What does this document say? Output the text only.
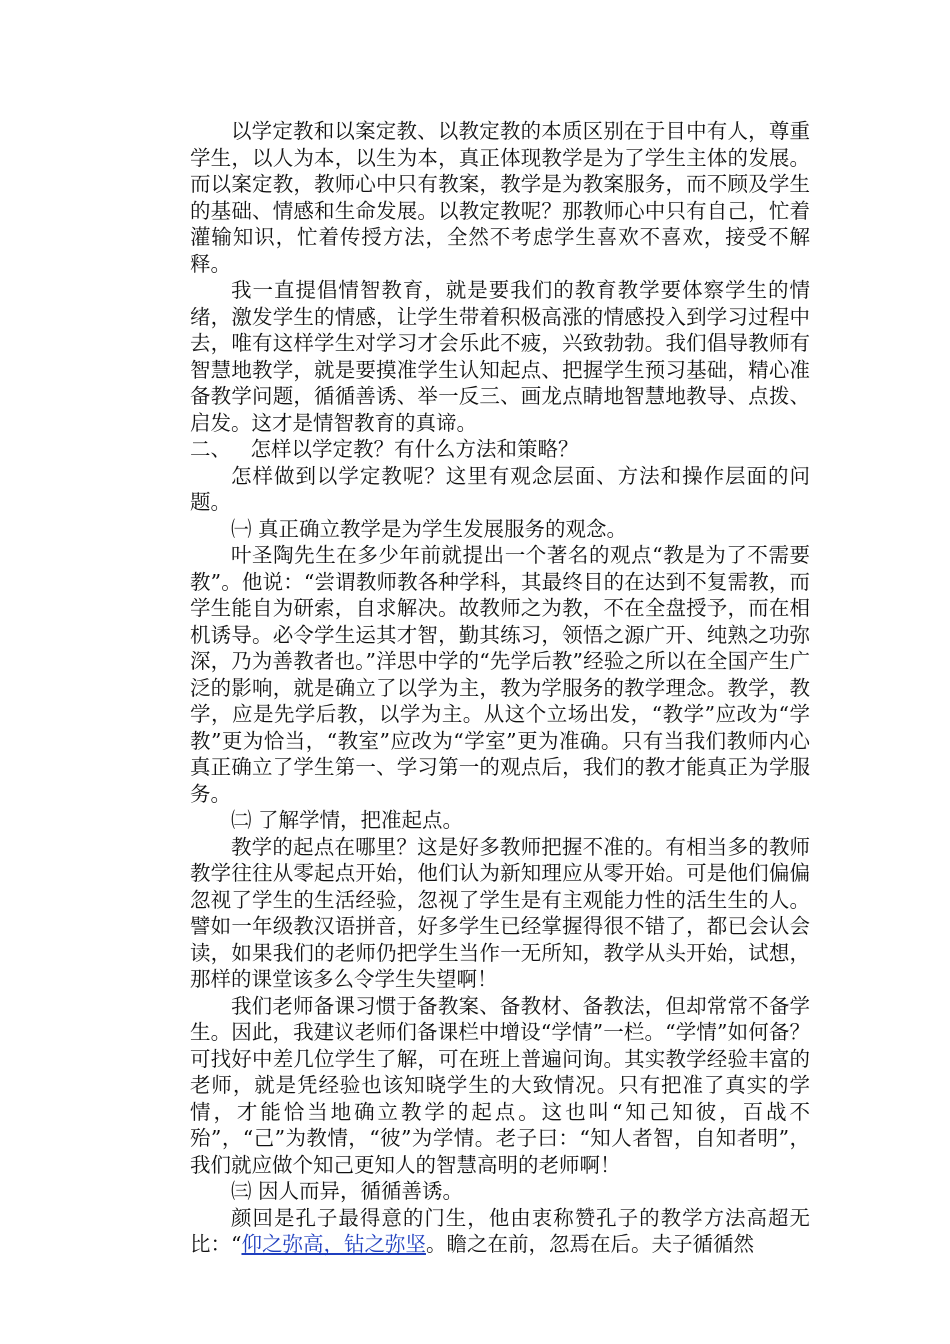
以学定教和以案定教、以教定教的本质区别在于目中有人，尊重学生，以人为本，以生为本，真正体现教学是为了学生主体的发展。而以案定教，教师心中只有教案，教学是为教案服务，而不顾及学生的基础、情感和生命发展。以教定教呢？那教师心中只有自己，忙着灌输知识，忙着传授方法，全然不考虑学生喜欢不喜欢，接受不解释。

我一直提倡情智教育，就是要我们的教育教学要体察学生的情绪，激发学生的情感，让学生带着积极高涨的情感投入到学习过程中去，唯有这样学生对学习才会乐此不疲，兴致勃勃。我们倡导教师有智慧地教学，就是要摸准学生认知起点、把握学生预习基础，精心准备教学问题，循循善诱、举一反三、画龙点睛地智慧地教导、点拨、启发。这才是情智教育的真谛。

二、   怎样以学定教？有什么方法和策略？

怎样做到以学定教呢？这里有观念层面、方法和操作层面的问题。

㈠ 真正确立教学是为学生发展服务的观念。

叶圣陶先生在多少年前就提出一个著名的观点“教是为了不需要教”。他说：“尝谓教师教各种学科，其最终目的在达到不复需教，而学生能自为研索，自求解决。故教师之为教，不在全盘授予，而在相机诱导。必令学生运其才智，勤其练习，领悟之源广开、纯熟之功弥深，乃为善教者也。”洋思中学的“先学后教”经验之所以在全国产生广泛的影响，就是确立了以学为主，教为学服务的教学理念。教学，教学，应是先学后教，以学为主。从这个立场出发，“教学”应改为“学教”更为恰当，“教室”应改为“学室”更为准确。只有当我们教师内心真正确立了学生第一、学习第一的观点后，我们的教才能真正为学服务。

㈡ 了解学情，把准起点。

教学的起点在哪里？这是好多教师把握不准的。有相当多的教师教学往往从零起点开始，他们认为新知理应从零开始。可是他们偏偏忽视了学生的生活经验，忽视了学生是有主观能力性的活生生的人。譬如一年级教汉语拼音，好多学生已经掌握得很不错了，都已会认会读，如果我们的老师仍把学生当作一无所知，教学从头开始，试想，那样的课堂该多么令学生失望啊！

我们老师备课习惯于备教案、备教材、备教法，但却常常不备学生。因此，我建议老师们备课栏中增设“学情”一栏。“学情”如何备？可找好中差几位学生了解，可在班上普遍问询。其实教学经验丰富的老师，就是凭经验也该知晓学生的大致情况。只有把准了真实的学情，才能恰当地确立教学的起点。这也叫“知己知彼，百战不殆”，“己”为教情，“彼”为学情。老子曰：“知人者智，自知者明”，我们就应做个知己更知人的智慧高明的老师啊！

㈢ 因人而异，循循善诱。

颜回是孔子最得意的门生，他由衷称赞孔子的教学方法高超无比：“仰之弥高，钻之弥坚。瞻之在前，忽焉在后。夫子循循然
